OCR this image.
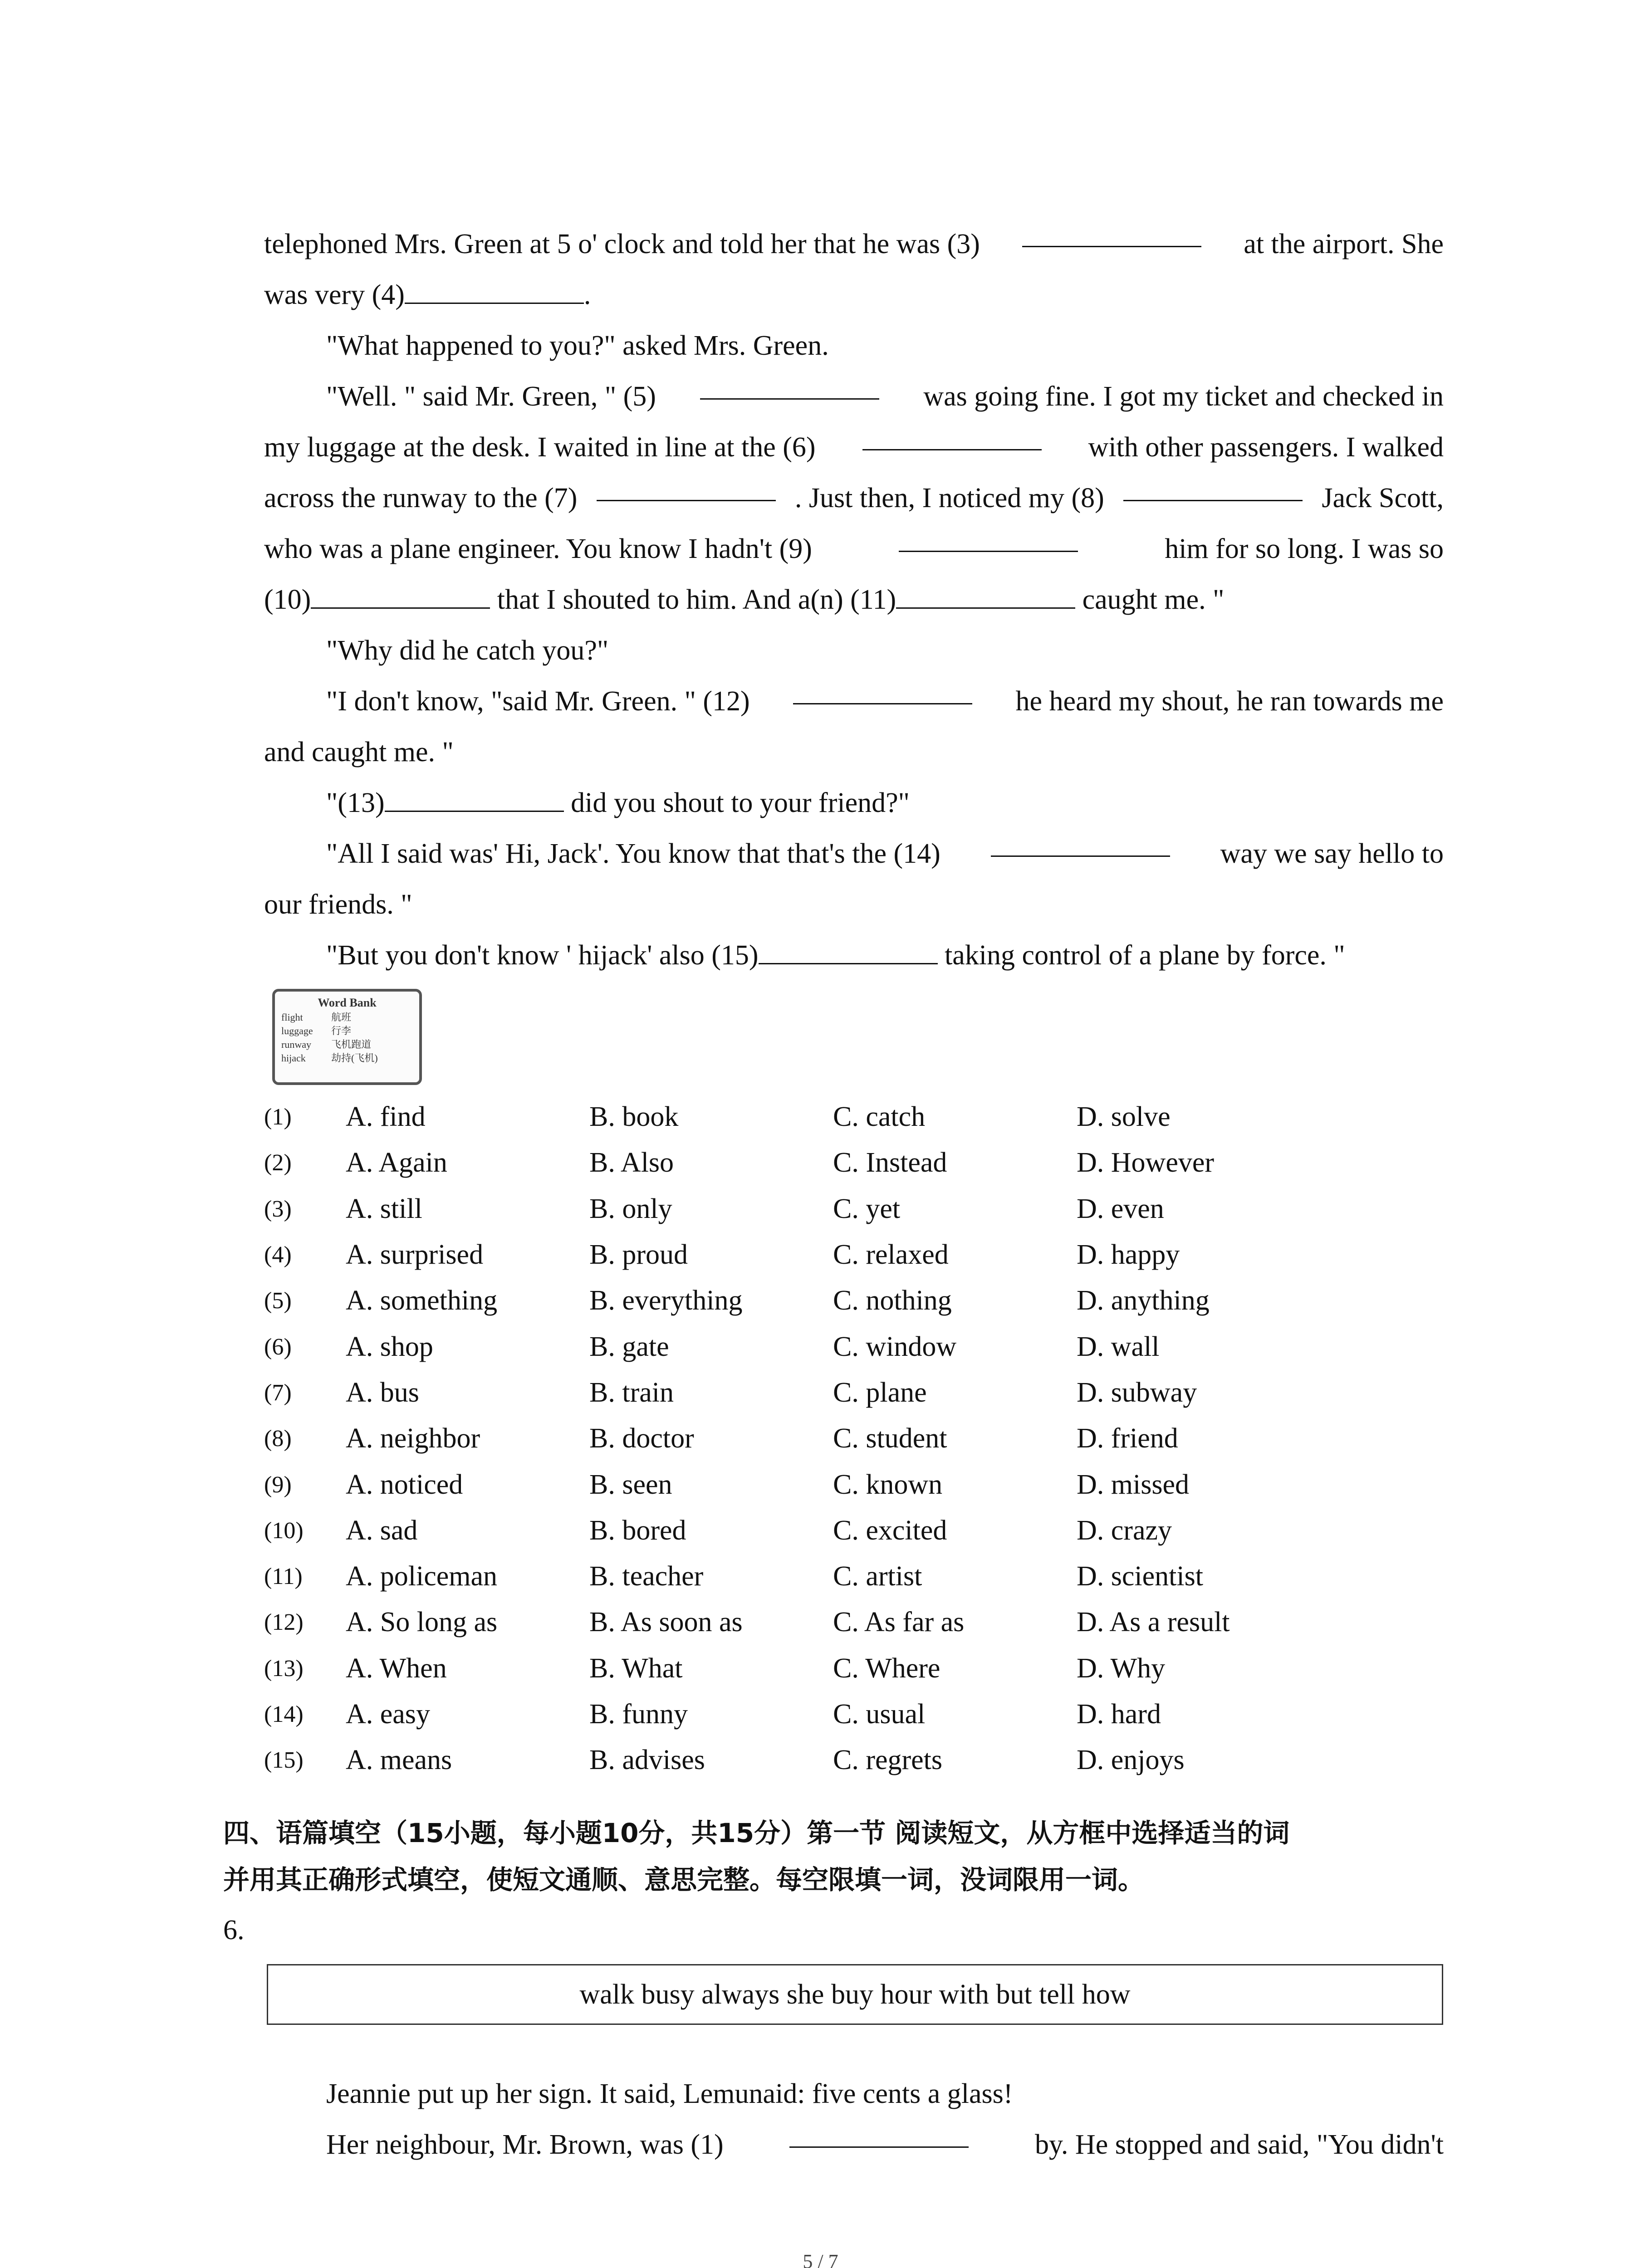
telephoned Mrs. Green at 5 o' clock and told her that he was (3)	at the airport. She
was very (4)	.
"What happened to you?" asked Mrs. Green.
"Well. " said Mr. Green, " (5)	was going fine. I got my ticket and checked in
my luggage at the desk. I waited in line at the (6)	with other passengers. I walked
across the runway to the (7)	. Just then, I noticed my (8)	Jack Scott,
who was a plane engineer. You know I hadn't (9)	him for so long. I was so
(10)	that I shouted to him. And a(n) (11)	caught me. "
"Why did he catch you?"
"I don't know, "said Mr. Green. " (12)	he heard my shout, he ran towards me
and caught me. "
"(13)	did you shout to your friend?"
"All I said was' Hi, Jack'. You know that that's the (14)	way we say hello to
our friends. "
"But you don't know ' hijack' also (15)	taking control of a plane by force. "
Word Bank
flight	航班
luggage	行李
runway	飞机跑道
hijack	劫持(飞机)
(1)	A. find	B. book	C. catch	D. solve
(2)	A. Again	B. Also	C. Instead	D. However
(3)	A. still	B. only	C. yet	D. even
(4)	A. surprised	B. proud	C. relaxed	D. happy
(5)	A. something	B. everything	C. nothing	D. anything
(6)	A. shop	B. gate	C. window	D. wall
(7)	A. bus	B. train	C. plane	D. subway
(8)	A. neighbor	B. doctor	C. student	D. friend
(9)	A. noticed	B. seen	C. known	D. missed
(10)	A. sad	B. bored	C. excited	D. crazy
(11)	A. policeman	B. teacher	C. artist	D. scientist
(12)	A. So long as	B. As soon as	C. As far as	D. As a result
(13)	A. When	B. What	C. Where	D. Why
(14)	A. easy	B. funny	C. usual	D. hard
(15)	A. means	B. advises	C. regrets	D. enjoys
四、语篇填空（15小题，每小题10分，共15分）第一节 阅读短文，从方框中选择适当的词
并用其正确形式填空，使短文通顺、意思完整。每空限填一词，没词限用一词。
6.
walk busy always she buy hour with but tell how
Jeannie put up her sign. It said, Lemunaid: five cents a glass!
Her neighbour, Mr. Brown, was (1)	by. He stopped and said, "You didn't
5 / 7
